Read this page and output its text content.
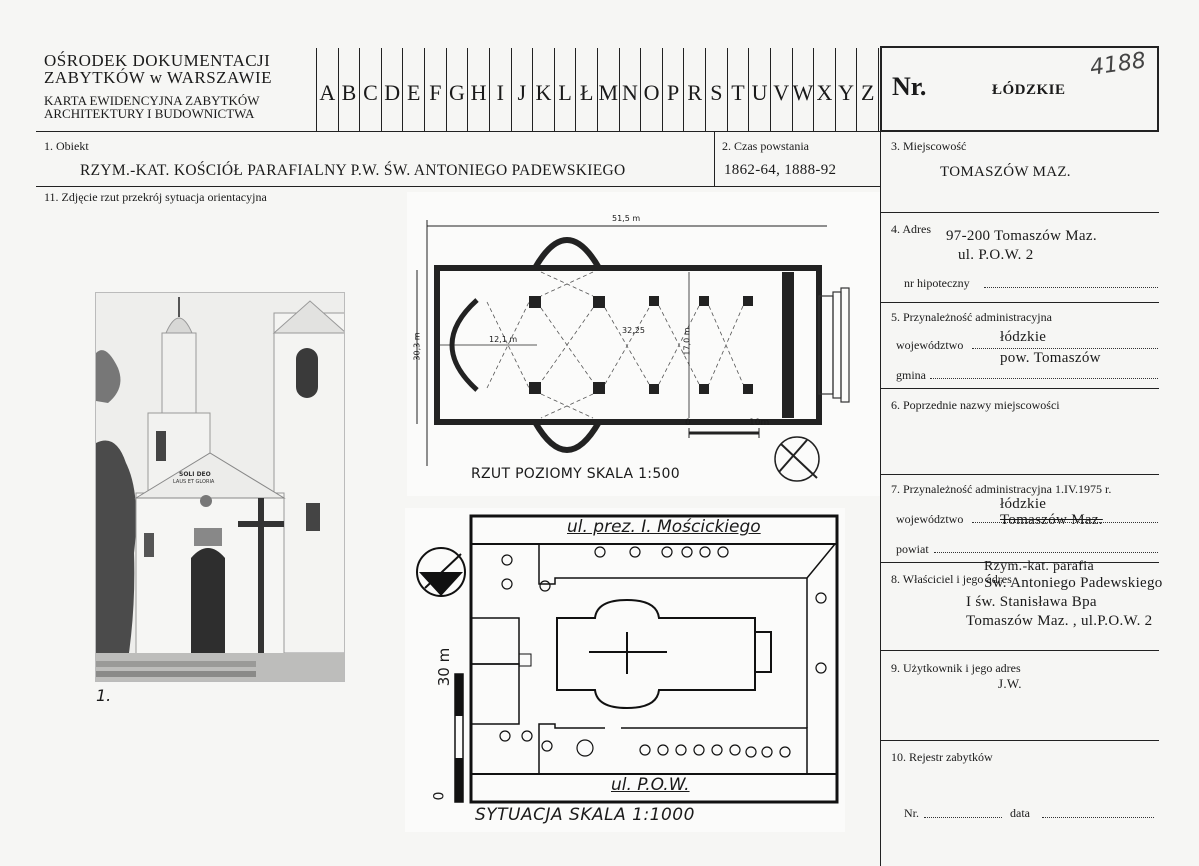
OŚRODEK DOKUMENTACJI
ZABYTKÓW w WARSZAWIE
KARTA EWIDENCYJNA ZABYTKÓW
ARCHITEKTURY I BUDOWNICTWA
A B C D E F G H I J K L Ł M N O P R S T U V W X Y Z Nr.	ŁÓDZKIE
4188
1. Obiekt
RZYM.-KAT. KOŚCIÓŁ PARAFIALNY P.W. ŚW. ANTONIEGO PADEWSKIEGO
2. Czas powstania
1862-64, 1888-92
3. Miejscowość
TOMASZÓW MAZ.
11. Zdjęcie rzut przekrój sytuacja orientacyjna
4. Adres 97-200 Tomaszów Maz.
ul. P.O.W. 2
nr hipoteczny
5. Przynależność administracyjna
województwo łódzkie
pow. Tomaszów
gmina
6. Poprzednie nazwy miejscowości
7. Przynależność administracyjna 1.IV.1975 r.
łódzkie
województwo Tomaszów Maz.
powiat
Rzym.-kat. parafia
8. Właściciel i jego adres
Św. Antoniego Padewskiego
I św. Stanisława Bpa
Tomaszów Maz. , ul.P.O.W. 2
9. Użytkownik i jego adres
J.W.
10. Rejestr zabytków
Nr.	data
SOLI DEO
LAUS ET GLORIA
1.
51,5 m
30,3 m
32,25	17,0 m
12,1 m
0	10m
RZUT POZIOMY SKALA 1:500
ul. prez. I. Mościckiego
ul. P.O.W.
30 m
0
SYTUACJA SKALA 1:1000
